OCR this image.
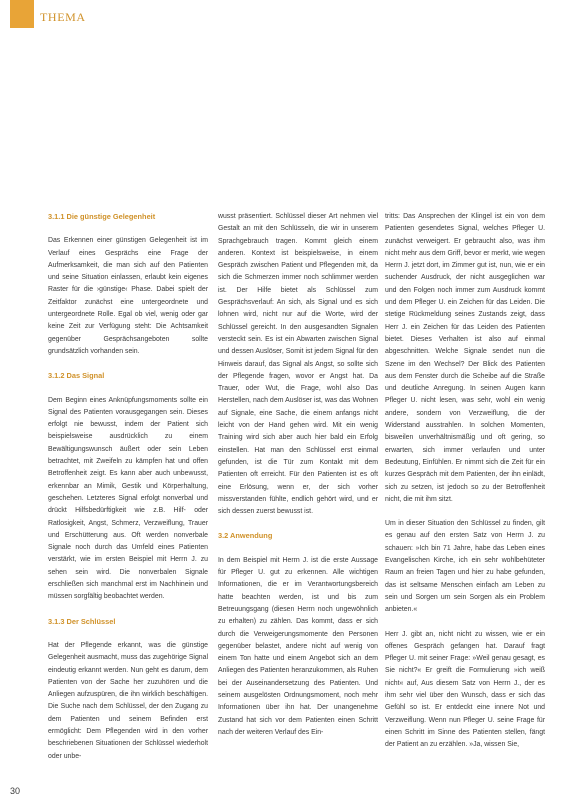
THEMA
3.1.1 Die günstige Gelegenheit

Das Erkennen einer günstigen Gelegenheit ist im Verlauf eines Gesprächs eine Frage der Aufmerksamkeit, die man sich auf den Patienten und seine Situation einlassen, erlaubt kein eigenes Raster für die ›günstige‹ Phase. Dabei spielt der Zeitfaktor zunächst eine untergeordnete und untergeordnete Rolle. Egal ob viel, wenig oder gar keine Zeit zur Verfügung steht: Die Achtsamkeit gegenüber Gesprächsangeboten sollte grundsätzlich vorhanden sein.

3.1.2 Das Signal

Dem Beginn eines Anknüpfungsmoments sollte ein Signal des Patienten vorausgegangen sein. Dieses erfolgt nie bewusst, indem der Patient sich beispielsweise ausdrücklich zu einem Bewältigungswunsch äußert oder sein Leben betrachtet, mit Zweifeln zu kämpfen hat und offen Betroffenheit zeigt. Es kann aber auch unbewusst, erkennbar an Mimik, Gestik und Körperhaltung, geschehen. Letzteres Signal erfolgt nonverbal und drückt Hilfsbedürftigkeit wie z.B. Hilf- oder Ratlosigkeit, Angst, Schmerz, Verzweiflung, Trauer und Erschütterung aus. Oft werden nonverbale Signale noch durch das Umfeld eines Patienten verstärkt, wie im ersten Beispiel mit Herrn J. zu sehen sein wird. Die nonverbalen Signale erschließen sich manchmal erst im Nachhinein und müssen sorgfältig beobachtet werden.

3.1.3 Der Schlüssel

Hat der Pflegende erkannt, was die günstige Gelegenheit ausmacht, muss das zugehörige Signal eindeutig erkannt werden. Nun geht es darum, dem Patienten von der Sache her zuzuhören und die Anliegen aufzuspüren, die ihn wirklich beschäftigen. Die Suche nach dem Schlüssel, der den Zugang zu dem Patienten und seinem Befinden erst ermöglicht: Dem Pflegenden wird in den vorher beschriebenen Situationen der Schlüssel wiederholt oder unbe-

wusst präsentiert. Schlüssel dieser Art nehmen viel Gestalt an mit den Schlüsseln, die wir in unserem Sprachgebrauch tragen. Kommt gleich einem anderen. Kontext ist beispielsweise, in einem Gespräch zwischen Patient und Pflegenden mit, da sich die Schmerzen immer noch schlimmer werden ist. Der Hilfe bietet als Schlüssel zum Gesprächsverlauf: An sich, als Signal und es sich lohnen wird, nicht nur auf die Worte, wird der Schlüssel gereicht. In den ausgesandten Signalen versteckt sein. Es ist ein Abwarten zwischen Signal und dessen Auslöser, Somit ist jedem Signal für den Hinweis darauf, das Signal als Angst, so sollte sich der Pflegende fragen, wovor er Angst hat. Da Trauer, oder Wut, die Frage, wohl also Das Herstellen, nach dem Auslöser ist, was das Wohnen auf Signale, eine Sache, die einem anfangs nicht leicht von der Hand gehen wird. Mit ein wenig Training wird sich aber auch hier bald ein Erfolg einstellen. Hat man den Schlüssel erst einmal gefunden, ist die Tür zum Kontakt mit dem Patienten oft erreicht. Für den Patienten ist es oft eine Erlösung, wenn er, der sich vorher missverstanden fühlte, endlich gehört wird, und er sich dessen zuerst bewusst ist.

3.2 Anwendung

In dem Beispiel mit Herrn J. ist die erste Aussage für Pfleger U. gut zu erkennen. Alle wichtigen Informationen, die er im Verantwortungsbereich hatte beachten werden, ist und bis zum Betreuungsgang (diesen Herrn noch ungewöhnlich zu erhalten) zu zählen. Das kommt, dass er sich durch die Verweigerungsmomente den Personen gegenüber belastet, andere nicht auf wenig von einem Ton hatte und einem Angebot sich an dem Anliegen des Patienten heranzukommen, als Ruhen bei der Auseinandersetzung des Patienten. Und seinem ausgelösten Ordnungsmoment, noch mehr Informationen über ihn hat. Der unangenehme Zustand hat sich vor dem Patienten einen Schritt nach der weiteren Verlauf des Ein-

tritts: Das Ansprechen der Klingel ist ein von dem Patienten gesendetes Signal, welches Pfleger U. zunächst verweigert. Er gebraucht also, was ihm nicht mehr aus dem Griff, bevor er merkt, wie wegen Herrn J. jetzt dort, im Zimmer gut ist, nun, wie er ein suchender Ausdruck, der nicht ausgeglichen war und den Folgen noch immer zum Ausdruck kommt und dem Pfleger U. ein Zeichen für das Leiden. Die stetige Rückmeldung seines Zustands zeigt, dass Herr J. ein Zeichen für das Leiden des Patienten bietet. Dieses Verhalten ist also auf einmal abgeschnitten. Welche Signale sendet nun die Szene im den Wechsel? Der Blick des Patienten aus dem Fenster durch die Scheibe auf die Straße und deutliche Anregung. In seinen Augen kann Pfleger U. nicht lesen, was sehr, wohl ein wenig andere, sondern von Verzweiflung, die der Widerstand ausstrahlen. In solchen Momenten, bisweilen unverhältnismäßig und oft gering, so erwarten, sich immer verlaufen und unter Bedeutung, Einfühlen. Er nimmt sich die Zeit für ein kurzes Gespräch mit dem Patienten, der ihn einlädt, sich zu setzen, ist jedoch so zu der Betroffenheit nicht, die mit ihm sitzt.

Um in dieser Situation den Schlüssel zu finden, gilt es genau auf den ersten Satz von Herrn J. zu schauen: »Ich bin 71 Jahre, habe das Leben eines Evangelischen Kirche, ich ein sehr wohlbehüteter Raum an freien Tagen und hier zu habe gefunden, das ist seltsame Menschen einfach am Leben zu sein und Sorgen um sein Sorgen als ein Problem anbieten.«

Herr J. gibt an, nicht nicht zu wissen, wie er ein offenes Gespräch gefangen hat. Darauf fragt Pfleger U. mit seiner Frage: »Weil genau gesagt, es Sie nicht?« Er greift die Formulierung »ich weiß nicht« auf, Aus diesem Satz von Herrn J., der es ihm sehr viel über den Wunsch, dass er sich das Gefühl so ist. Er entdeckt eine innere Not und Verzweiflung. Wenn nun Pfleger U. seine Frage für einen Schritt im Sinne des Patienten stellen, fängt der Patient an zu erzählen. »Ja, wissen Sie,

30
